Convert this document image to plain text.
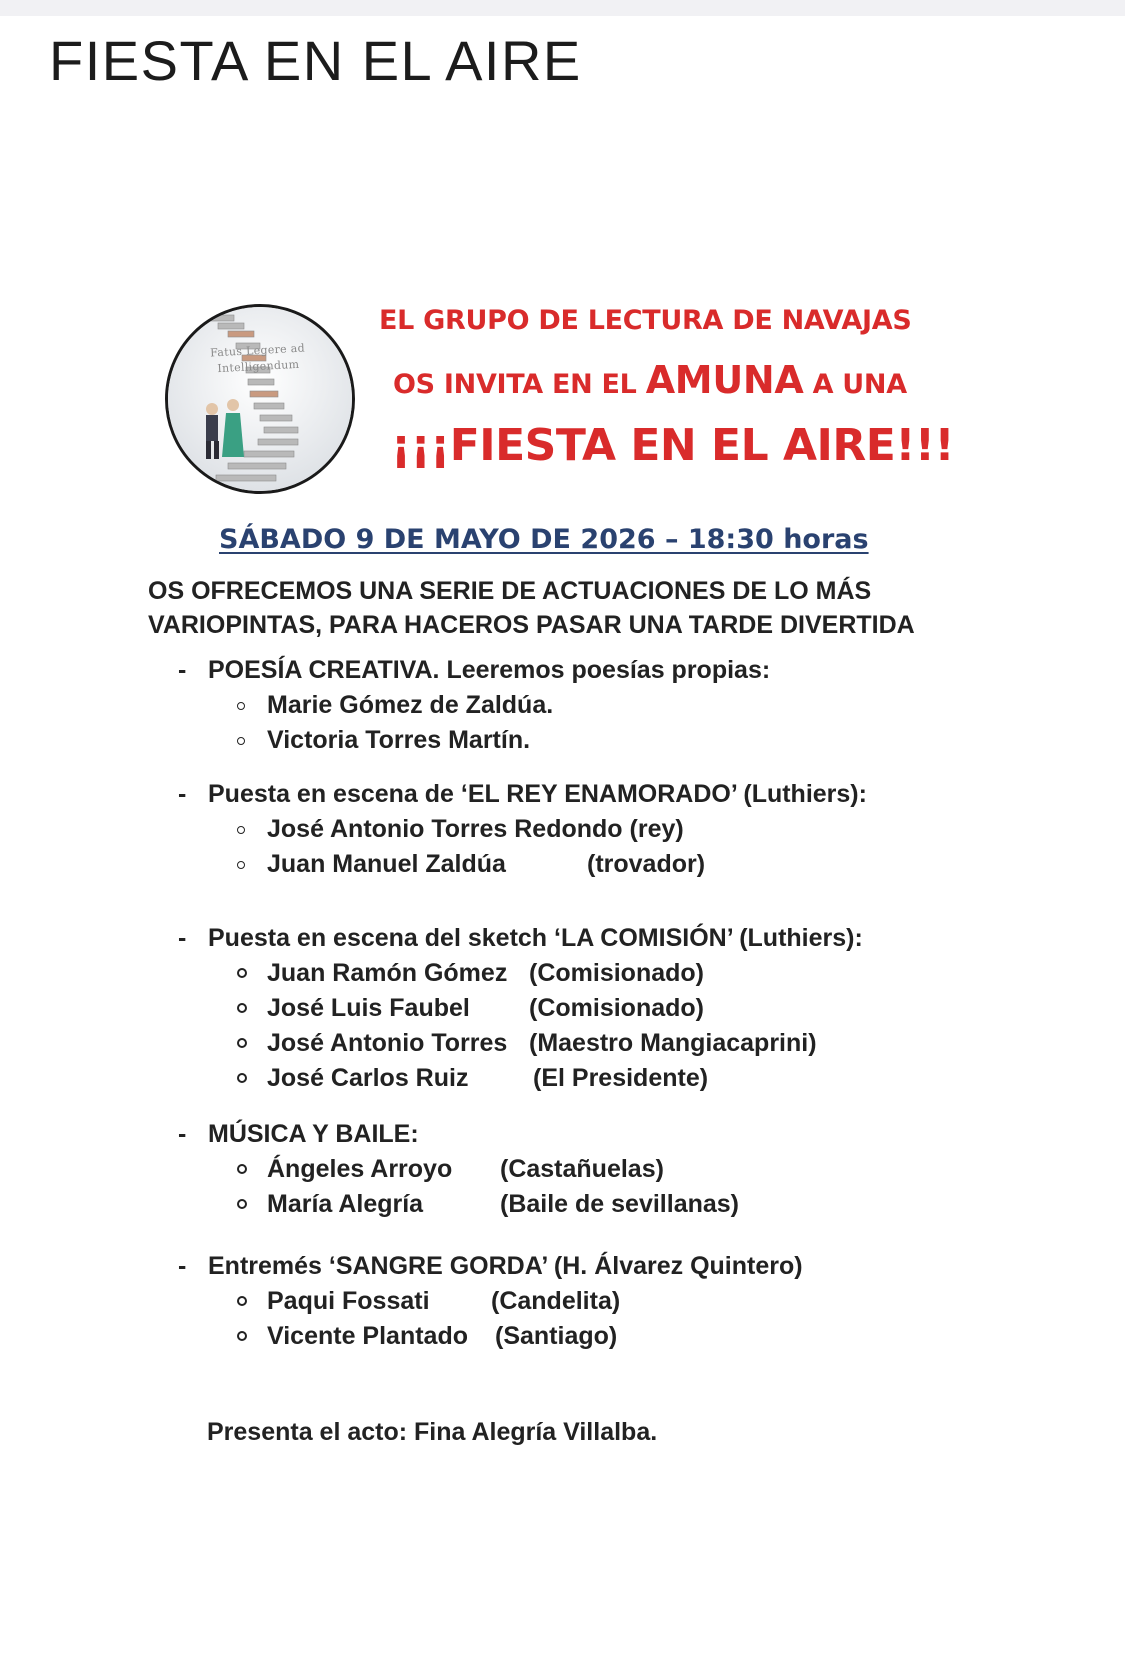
FIESTA EN EL AIRE
Fatus Legere ad Intelligendum
EL GRUPO DE LECTURA DE NAVAJAS
OS INVITA EN EL AMUNA A UNA
¡¡¡FIESTA EN EL AIRE!!!
SÁBADO 9 DE MAYO DE 2026 – 18:30 horas
OS OFRECEMOS UNA SERIE DE ACTUACIONES DE LO MÁS
VARIOPINTAS, PARA HACEROS PASAR UNA TARDE DIVERTIDA
- POESÍA CREATIVA. Leeremos poesías propias:
Marie Gómez de Zaldúa.
Victoria Torres Martín.
- Puesta en escena de ‘EL REY ENAMORADO’ (Luthiers):
José Antonio Torres Redondo (rey)
Juan Manuel Zaldúa	(trovador)
- Puesta en escena del sketch ‘LA COMISIÓN’ (Luthiers):
Juan Ramón Gómez (Comisionado)
José Luis Faubel (Comisionado)
José Antonio Torres (Maestro Mangiacaprini)
José Carlos Ruiz	(El Presidente)
- MÚSICA Y BAILE:
Ángeles Arroyo (Castañuelas)
María Alegría	(Baile de sevillanas)
- Entremés ‘SANGRE GORDA’ (H. Álvarez Quintero)
Paqui Fossati (Candelita)
Vicente Plantado (Santiago)
Presenta el acto: Fina Alegría Villalba.
